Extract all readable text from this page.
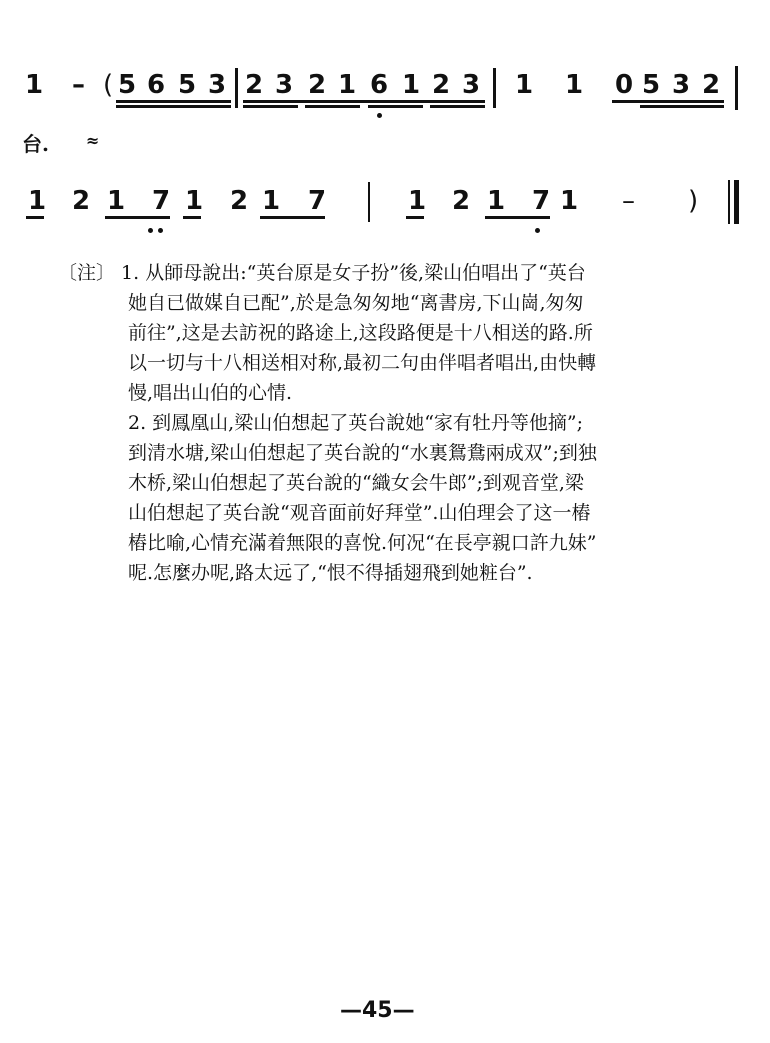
1 – ( 5 6 5 3 2 3 2 1 6 1 2 3 1 1 0 5 3 2
台. ≈
1 2 1 7 1 2 1 7	1 2 1 7 1 – )
〔注〕 1. 从師母說出:“英台原是女子扮”後,梁山伯唱出了“英台
她自已做媒自已配”,於是急匆匆地“离書房,下山崗,匆匆
前往”,这是去訪祝的路途上,这段路便是十八相送的路.所
以一切与十八相送相对称,最初二句由伴唱者唱出,由快轉
慢,唱出山伯的心情.
2. 到鳳凰山,梁山伯想起了英台說她“家有牡丹等他摘”;
到清水塘,梁山伯想起了英台說的“水裏鴛鴦兩成双”;到独
木桥,梁山伯想起了英台說的“織女会牛郎”;到观音堂,梁
山伯想起了英台說“观音面前好拜堂”.山伯理会了这一樁
樁比喻,心情充滿着無限的喜悅.何况“在長亭親口許九妹”
呢.怎麼办呢,路太远了,“恨不得插翅飛到她粧台”.
—45—
